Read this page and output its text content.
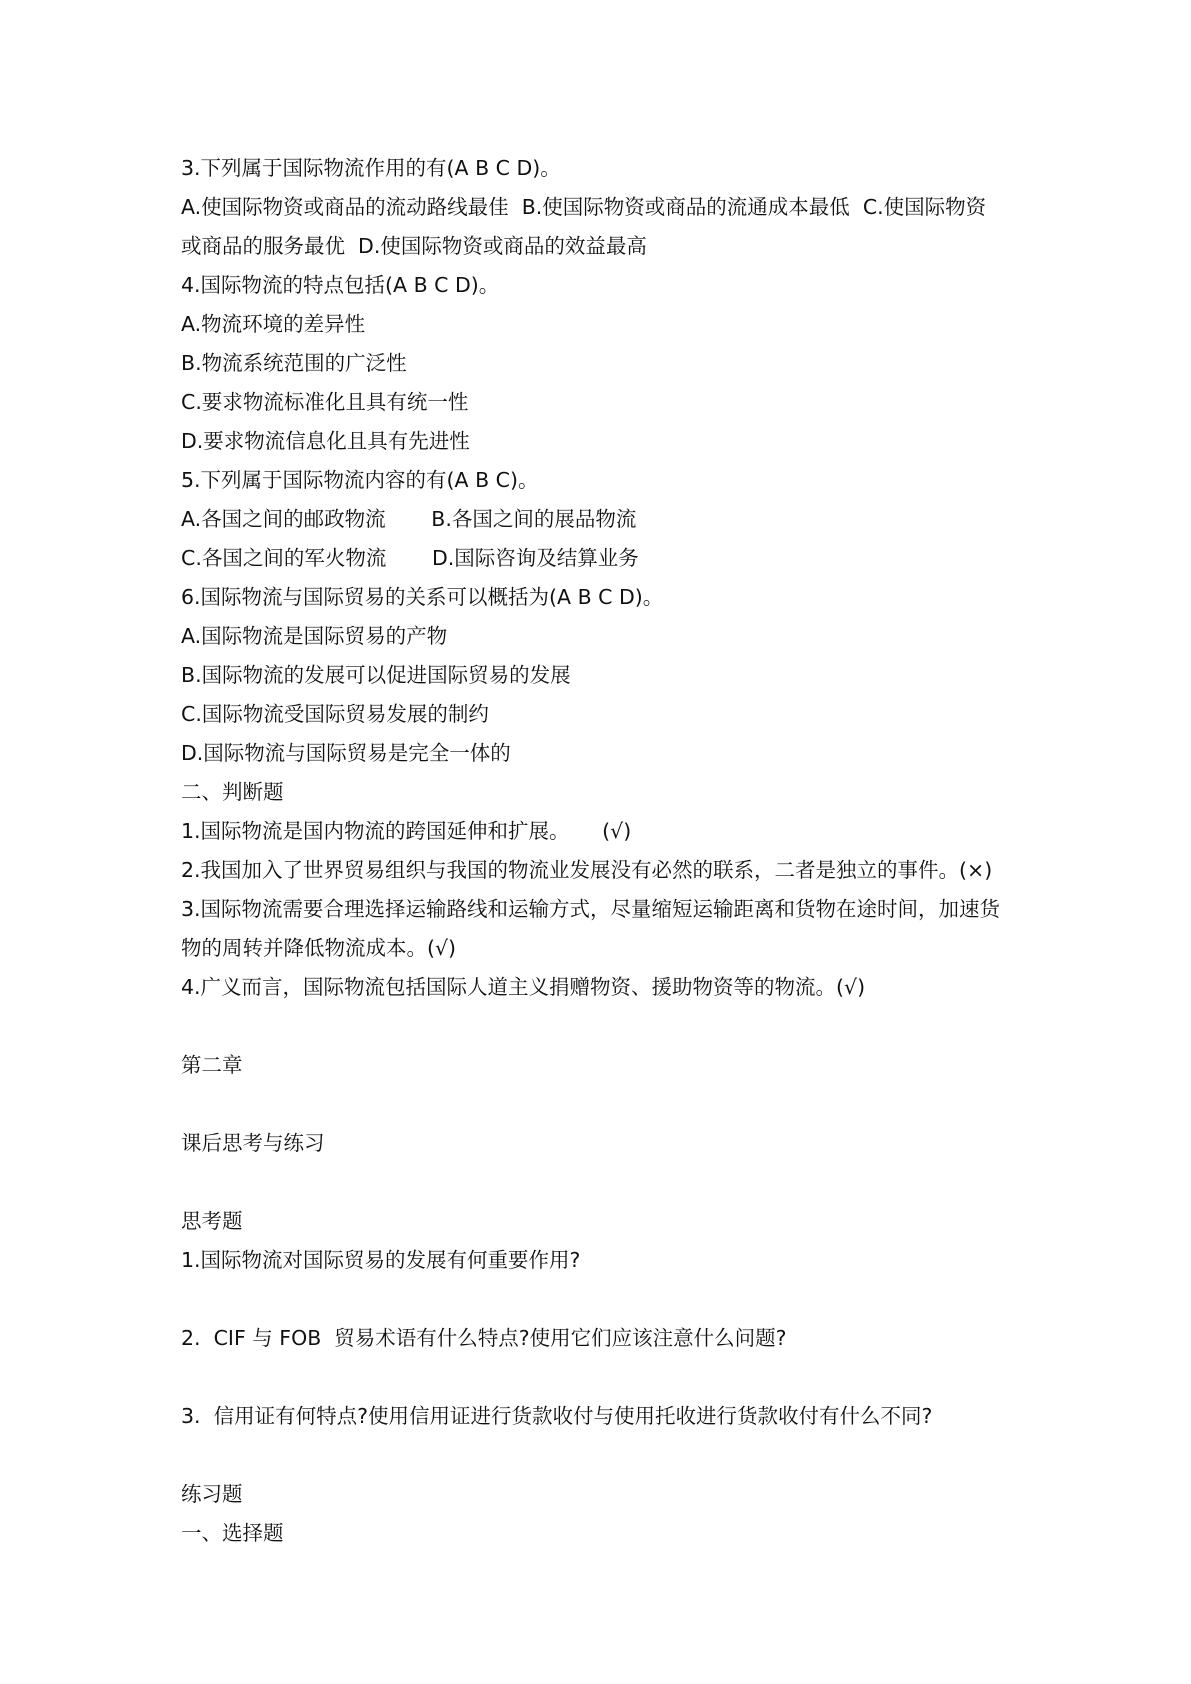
3.下列属于国际物流作用的有(A B C D)。
A.使国际物资或商品的流动路线最佳  B.使国际物资或商品的流通成本最低  C.使国际物资
或商品的服务最优  D.使国际物资或商品的效益最高
4.国际物流的特点包括(A B C D)。
A.物流环境的差异性
B.物流系统范围的广泛性
C.要求物流标准化且具有统一性
D.要求物流信息化且具有先进性
5.下列属于国际物流内容的有(A B C)。
A.各国之间的邮政物流       B.各国之间的展品物流
C.各国之间的军火物流       D.国际咨询及结算业务
6.国际物流与国际贸易的关系可以概括为(A B C D)。
A.国际物流是国际贸易的产物
B.国际物流的发展可以促进国际贸易的发展
C.国际物流受国际贸易发展的制约
D.国际物流与国际贸易是完全一体的
二、判断题
1.国际物流是国内物流的跨国延伸和扩展。     (√)
2.我国加入了世界贸易组织与我国的物流业发展没有必然的联系，二者是独立的事件。(×)
3.国际物流需要合理选择运输路线和运输方式，尽量缩短运输距离和货物在途时间，加速货
物的周转并降低物流成本。(√)
4.广义而言，国际物流包括国际人道主义捐赠物资、援助物资等的物流。(√)
第二章
课后思考与练习
思考题
1.国际物流对国际贸易的发展有何重要作用?
2.  CIF 与 FOB  贸易术语有什么特点?使用它们应该注意什么问题?
3.  信用证有何特点?使用信用证进行货款收付与使用托收进行货款收付有什么不同?
练习题
一、选择题
